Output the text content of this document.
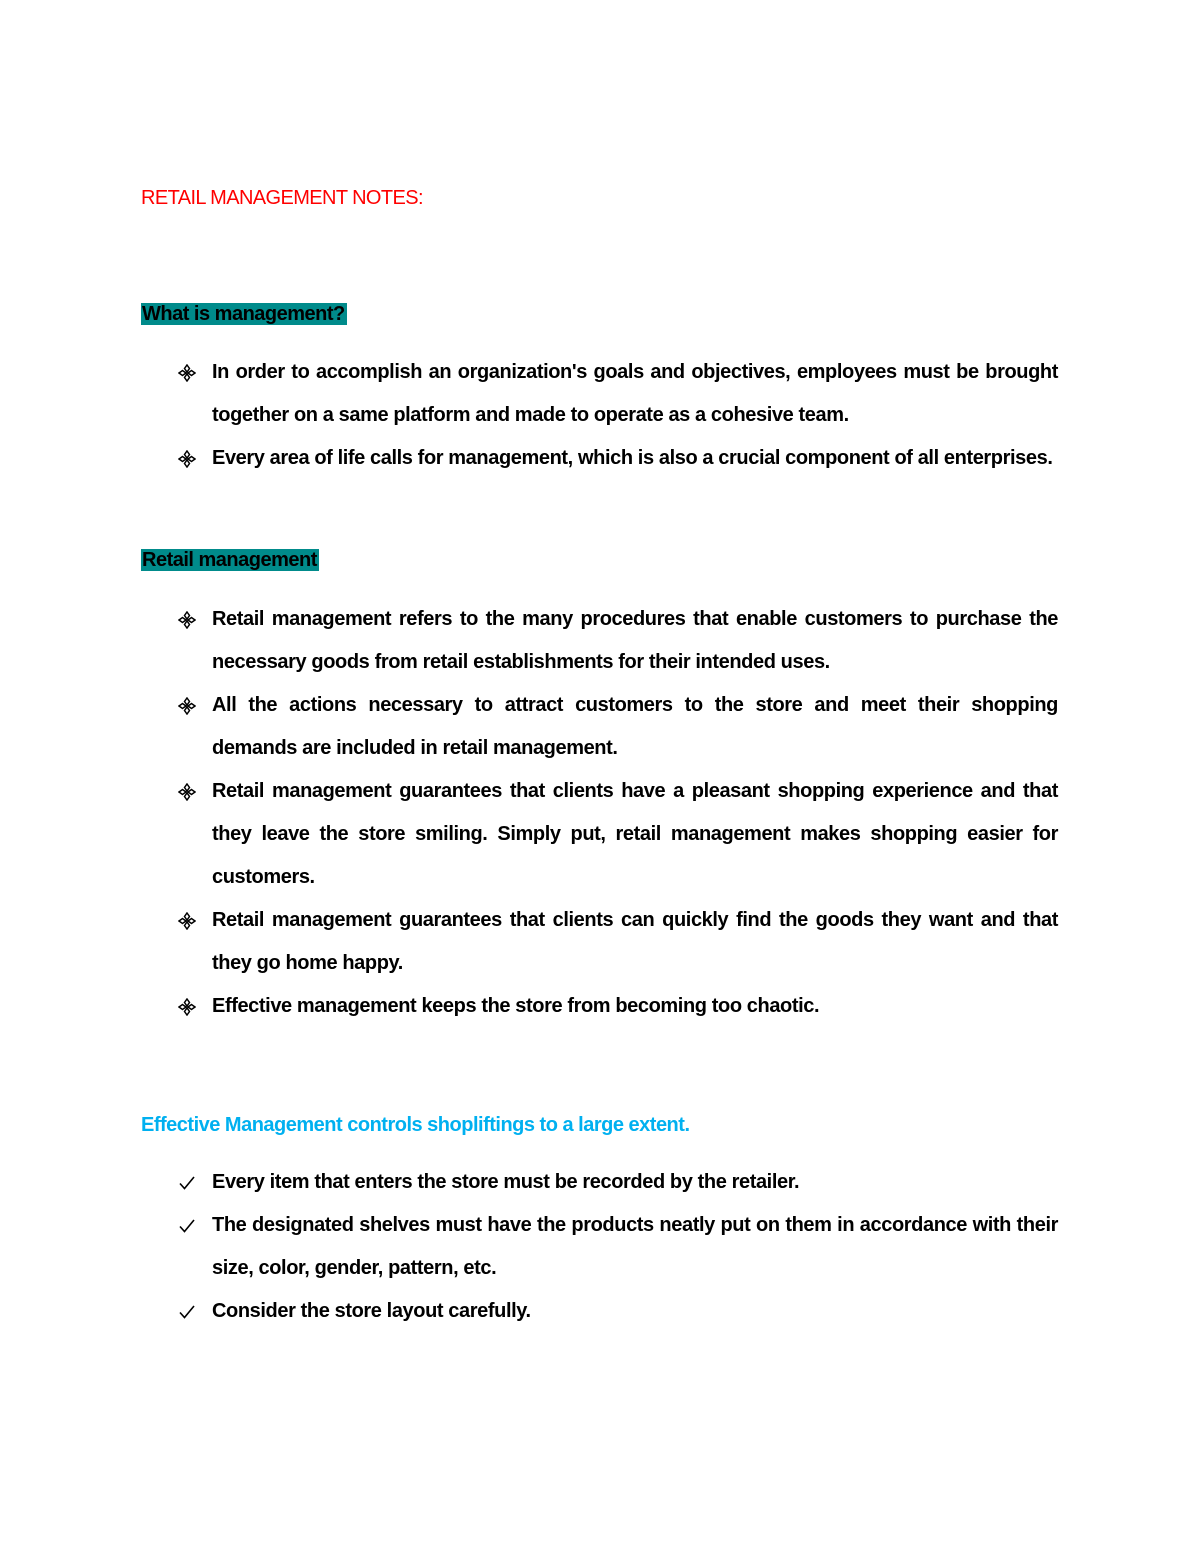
RETAIL MANAGEMENT NOTES:
What is management?
In order to accomplish an organization's goals and objectives, employees must be brought together on a same platform and made to operate as a cohesive team.
Every area of life calls for management, which is also a crucial component of all enterprises.
Retail management
Retail management refers to the many procedures that enable customers to purchase the necessary goods from retail establishments for their intended uses.
All the actions necessary to attract customers to the store and meet their shopping demands are included in retail management.
Retail management guarantees that clients have a pleasant shopping experience and that they leave the store smiling. Simply put, retail management makes shopping easier for customers.
Retail management guarantees that clients can quickly find the goods they want and that they go home happy.
Effective management keeps the store from becoming too chaotic.
Effective Management controls shopliftings to a large extent.
Every item that enters the store must be recorded by the retailer.
The designated shelves must have the products neatly put on them in accordance with their size, color, gender, pattern, etc.
Consider the store layout carefully.
